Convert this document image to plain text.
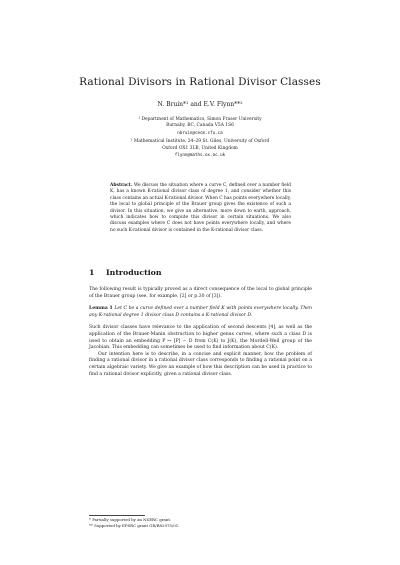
Rational Divisors in Rational Divisor Classes
N. Bruin*¹ and E.V. Flynn**²
¹ Department of Mathematics, Simon Fraser University
Burnaby, BC, Canada V5A 1S6
nbruin@cecm.sfu.ca
² Mathematical Institute, 24–29 St. Giles, University of Oxford
Oxford OX1 3LB, United Kingdom
flynn@maths.ox.ac.uk
Abstract. We discuss the situation where a curve C, defined over a number field K, has a known K-rational divisor class of degree 1, and consider whether this class contains an actual K-rational divisor. When C has points everywhere locally, the local to global principle of the Brauer group gives the existence of such a divisor. In this situation, we give an alternative, more down to earth, approach, which indicates how to compute this divisor in certain situations. We also discuss examples where C does not have points everywhere locally, and where no such K-rational divisor is contained in the K-rational divisor class.
1 Introduction

The following result is typically proved as a direct consequence of the local to global principle of the Brauer group (see, for example, [2] or p.30 of [3]).

Lemma 1 Let C be a curve defined over a number field K with points everywhere locally. Then any K-rational degree 1 divisor class D contains a K-rational divisor D.

Such divisor classes have relevance to the application of second descents [4], as well as the application of the Brauer-Manin obstruction to higher genus curves, where such a class D is used to obtain an embedding P ↦ [P] − D from C(K) to J(K), the Mordell-Weil group of the Jacobian. This embedding can sometimes be used to find information about C(K).

Our intention here is to describe, in a concise and explicit manner, how the problem of finding a rational divisor in a rational divisor class corresponds to finding a rational point on a certain algebraic variety. We give an example of how this description can be used in practice to find a rational divisor explicitly, given a rational divisor class.

* Partially supported by an NSERC grant.
** Supported by EPSRC grant GR/R82975/01.
